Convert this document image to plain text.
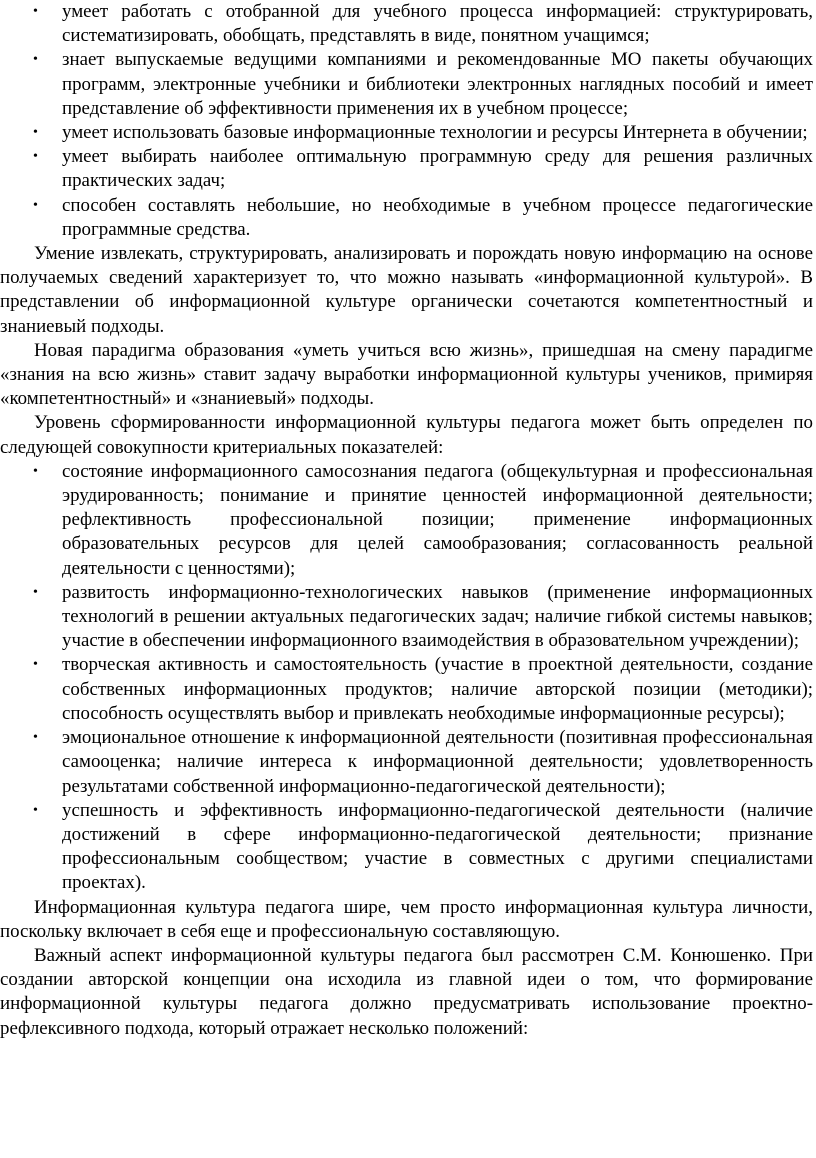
• умеет работать с отобранной для учебного процесса информацией: структурировать, систематизировать, обобщать, представлять в виде, понятном учащимся;
• знает выпускаемые ведущими компаниями и рекомендованные МО пакеты обучающих программ, электронные учебники и библиотеки электронных наглядных пособий и имеет представление об эффективности применения их в учебном процессе;
• умеет использовать базовые информационные технологии и ресурсы Интернета в обучении;
• умеет выбирать наиболее оптимальную программную среду для решения различных практических задач;
• способен составлять небольшие, но необходимые в учебном процессе педагогические программные средства.

Умение извлекать, структурировать, анализировать и порождать новую информацию на основе получаемых сведений характеризует то, что можно называть «информационной культурой». В представлении об информационной культуре органически сочетаются компетентностный и знаниевый подходы.

Новая парадигма образования «уметь учиться всю жизнь», пришедшая на смену парадигме «знания на всю жизнь» ставит задачу выработки информационной культуры учеников, примиряя «компетентностный» и «знаниевый» подходы.

Уровень сформированности информационной культуры педагога может быть определен по следующей совокупности критериальных показателей:

• состояние информационного самосознания педагога (общекультурная и профессиональная эрудированность; понимание и принятие ценностей информационной деятельности; рефлективность профессиональной позиции; применение информационных образовательных ресурсов для целей самообразования; согласованность реальной деятельности с ценностями);
• развитость информационно-технологических навыков (применение информационных технологий в решении актуальных педагогических задач; наличие гибкой системы навыков; участие в обеспечении информационного взаимодействия в образовательном учреждении);
• творческая активность и самостоятельность (участие в проектной деятельности, создание собственных информационных продуктов; наличие авторской позиции (методики); способность осуществлять выбор и привлекать необходимые информационные ресурсы);
• эмоциональное отношение к информационной деятельности (позитивная профессиональная самооценка; наличие интереса к информационной деятельности; удовлетворенность результатами собственной информационно-педагогической деятельности);
• успешность и эффективность информационно-педагогической деятельности (наличие достижений в сфере информационно-педагогической деятельности; признание профессиональным сообществом; участие в совместных с другими специалистами проектах).

Информационная культура педагога шире, чем просто информационная культура личности, поскольку включает в себя еще и профессиональную составляющую.

Важный аспект информационной культуры педагога был рассмотрен С.М. Конюшенко. При создании авторской концепции она исходила из главной идеи о том, что формирование информационной культуры педагога должно предусматривать использование проектно-рефлексивного подхода, который отражает несколько положений:
